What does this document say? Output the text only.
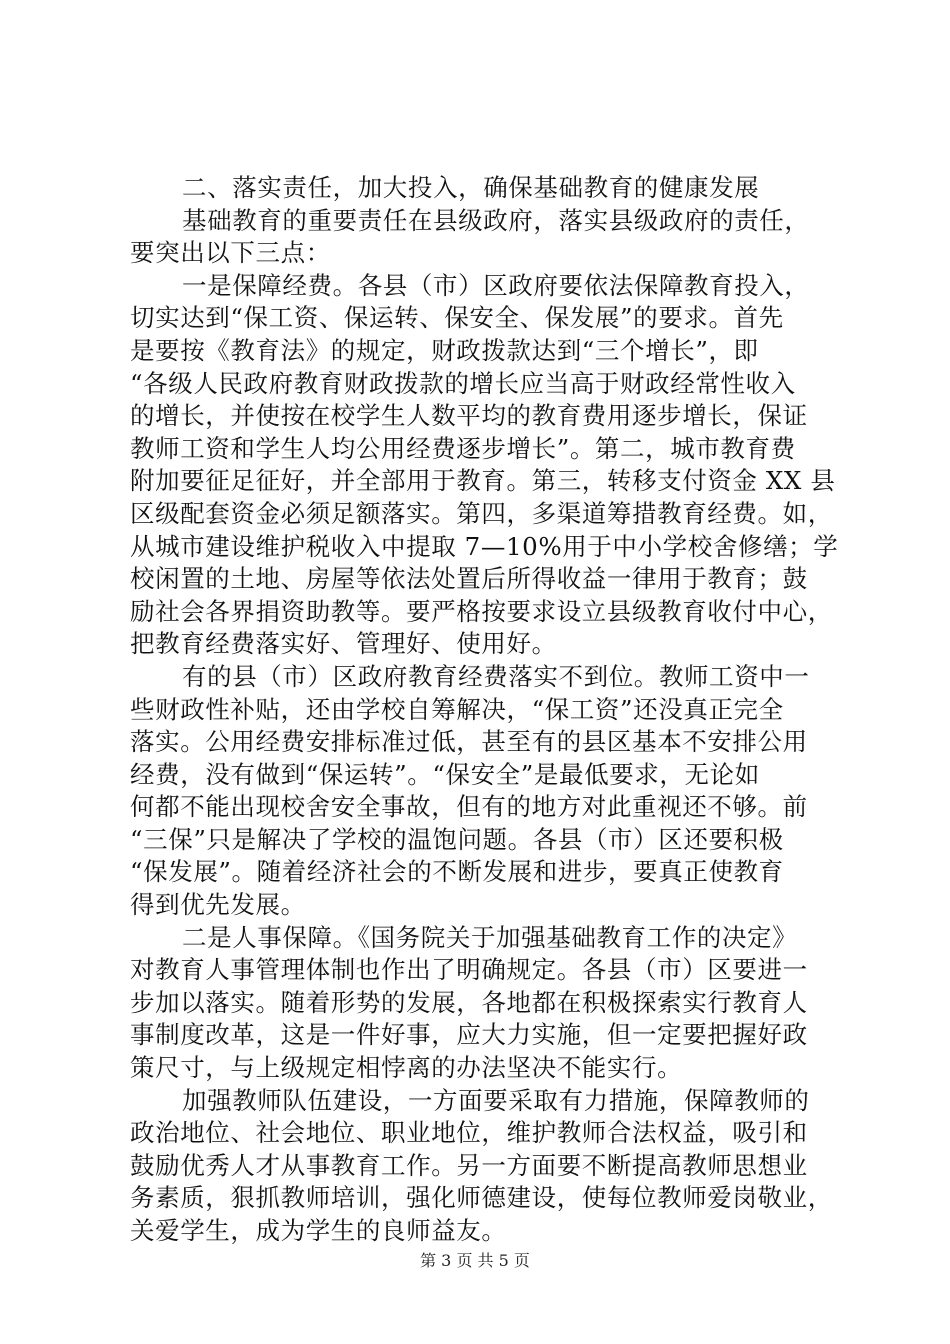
二、落实责任，加大投入，确保基础教育的健康发展
基础教育的重要责任在县级政府，落实县级政府的责任，
要突出以下三点：
一是保障经费。各县（市）区政府要依法保障教育投入，
切实达到“保工资、保运转、保安全、保发展”的要求。首先
是要按《教育法》的规定，财政拨款达到“三个增长”，即
“各级人民政府教育财政拨款的增长应当高于财政经常性收入
的增长，并使按在校学生人数平均的教育费用逐步增长，保证
教师工资和学生人均公用经费逐步增长”。第二，城市教育费
附加要征足征好，并全部用于教育。第三，转移支付资金 XX 县
区级配套资金必须足额落实。第四，多渠道筹措教育经费。如，
从城市建设维护税收入中提取 7—10%用于中小学校舍修缮；学
校闲置的土地、房屋等依法处置后所得收益一律用于教育；鼓
励社会各界捐资助教等。要严格按要求设立县级教育收付中心，
把教育经费落实好、管理好、使用好。
有的县（市）区政府教育经费落实不到位。教师工资中一
些财政性补贴，还由学校自筹解决，“保工资”还没真正完全
落实。公用经费安排标准过低，甚至有的县区基本不安排公用
经费，没有做到“保运转”。“保安全”是最低要求，无论如
何都不能出现校舍安全事故，但有的地方对此重视还不够。前
“三保”只是解决了学校的温饱问题。各县（市）区还要积极
“保发展”。随着经济社会的不断发展和进步，要真正使教育
得到优先发展。
二是人事保障。《国务院关于加强基础教育工作的决定》
对教育人事管理体制也作出了明确规定。各县（市）区要进一
步加以落实。随着形势的发展，各地都在积极探索实行教育人
事制度改革，这是一件好事，应大力实施，但一定要把握好政
策尺寸，与上级规定相悖离的办法坚决不能实行。
加强教师队伍建设，一方面要采取有力措施，保障教师的
政治地位、社会地位、职业地位，维护教师合法权益，吸引和
鼓励优秀人才从事教育工作。另一方面要不断提高教师思想业
务素质，狠抓教师培训，强化师德建设，使每位教师爱岗敬业，
关爱学生，成为学生的良师益友。
第 3 页 共 5 页
